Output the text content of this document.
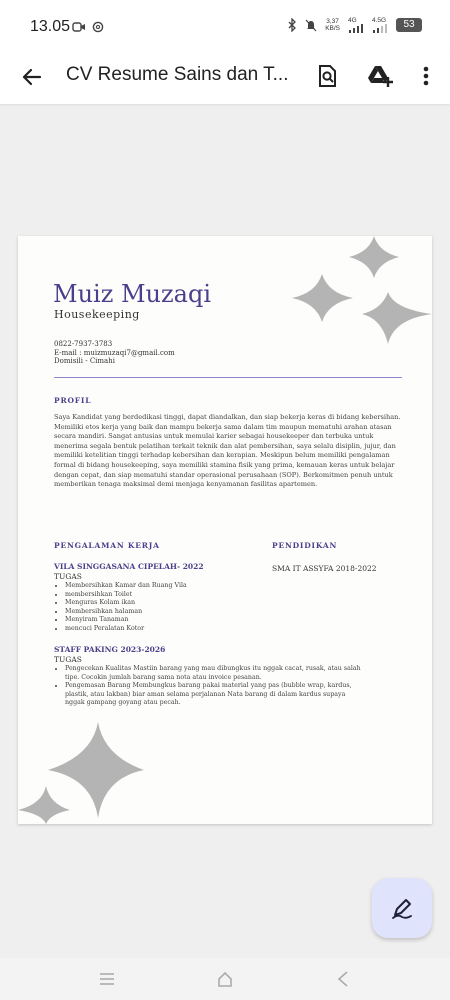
13.05
	3,37
KB/S
4G 4.5G	53
CV Resume Sains dan T...
Muiz Muzaqi
Housekeeping
0822-7937-3783
E-mail : muizmuzaqi7@gmail.com
Domisili - Cimahi
PROFIL
Saya Kandidat yang berdedikasi tinggi, dapat diandalkan, dan siap bekerja keras di bidang kebersihan. Memiliki etos kerja yang baik dan mampu bekerja sama dalam tim maupun mematuhi arahan atasan secara mandiri. Sangat antusias untuk memulai karier sebagai housekeeper dan terbuka untuk menerima segala bentuk pelatihan terkait teknik dan alat pembersihan, saya selalu disiplin, jujur, dan memiliki ketelitian tinggi terhadap kebersihan dan kerapian. Meskipun belum memiliki pengalaman formal di bidang housekeeping, saya memiliki stamina fisik yang prima, kemauan keras untuk belajar dengan cepat, dan siap mematuhi standar operasional perusahaan (SOP). Berkomitmen penuh untuk memberikan tenaga maksimal demi menjaga kenyamanan fasilitas apartemen.
PENGALAMAN KERJA	PENDIDIKAN
SMA IT ASSYFA 2018-2022
VILA SINGGASANA CIPELAH- 2022
TUGAS
• Membersihkan Kamar dan Ruang Vila
• membersihkan Toilet
• Menguras Kolam ikan
• Membersihkan halaman
• Menyiram Tanaman
• mencuci Peralatan Kotor
STAFF PAKING 2023-2026
TUGAS
• Pengecekan Kualitas Mastiin barang yang mau dibungkus itu nggak cacat, rusak, atau salah tipe. Cocokin jumlah barang sama nota atau invoice pesanan.
• Pengemasan Barang Membungkus barang pakai material yang pas (bubble wrap, kardus, plastik, atau lakban) biar aman selama perjalanan Nata barang di dalam kardus supaya nggak gampang goyang atau pecah.
